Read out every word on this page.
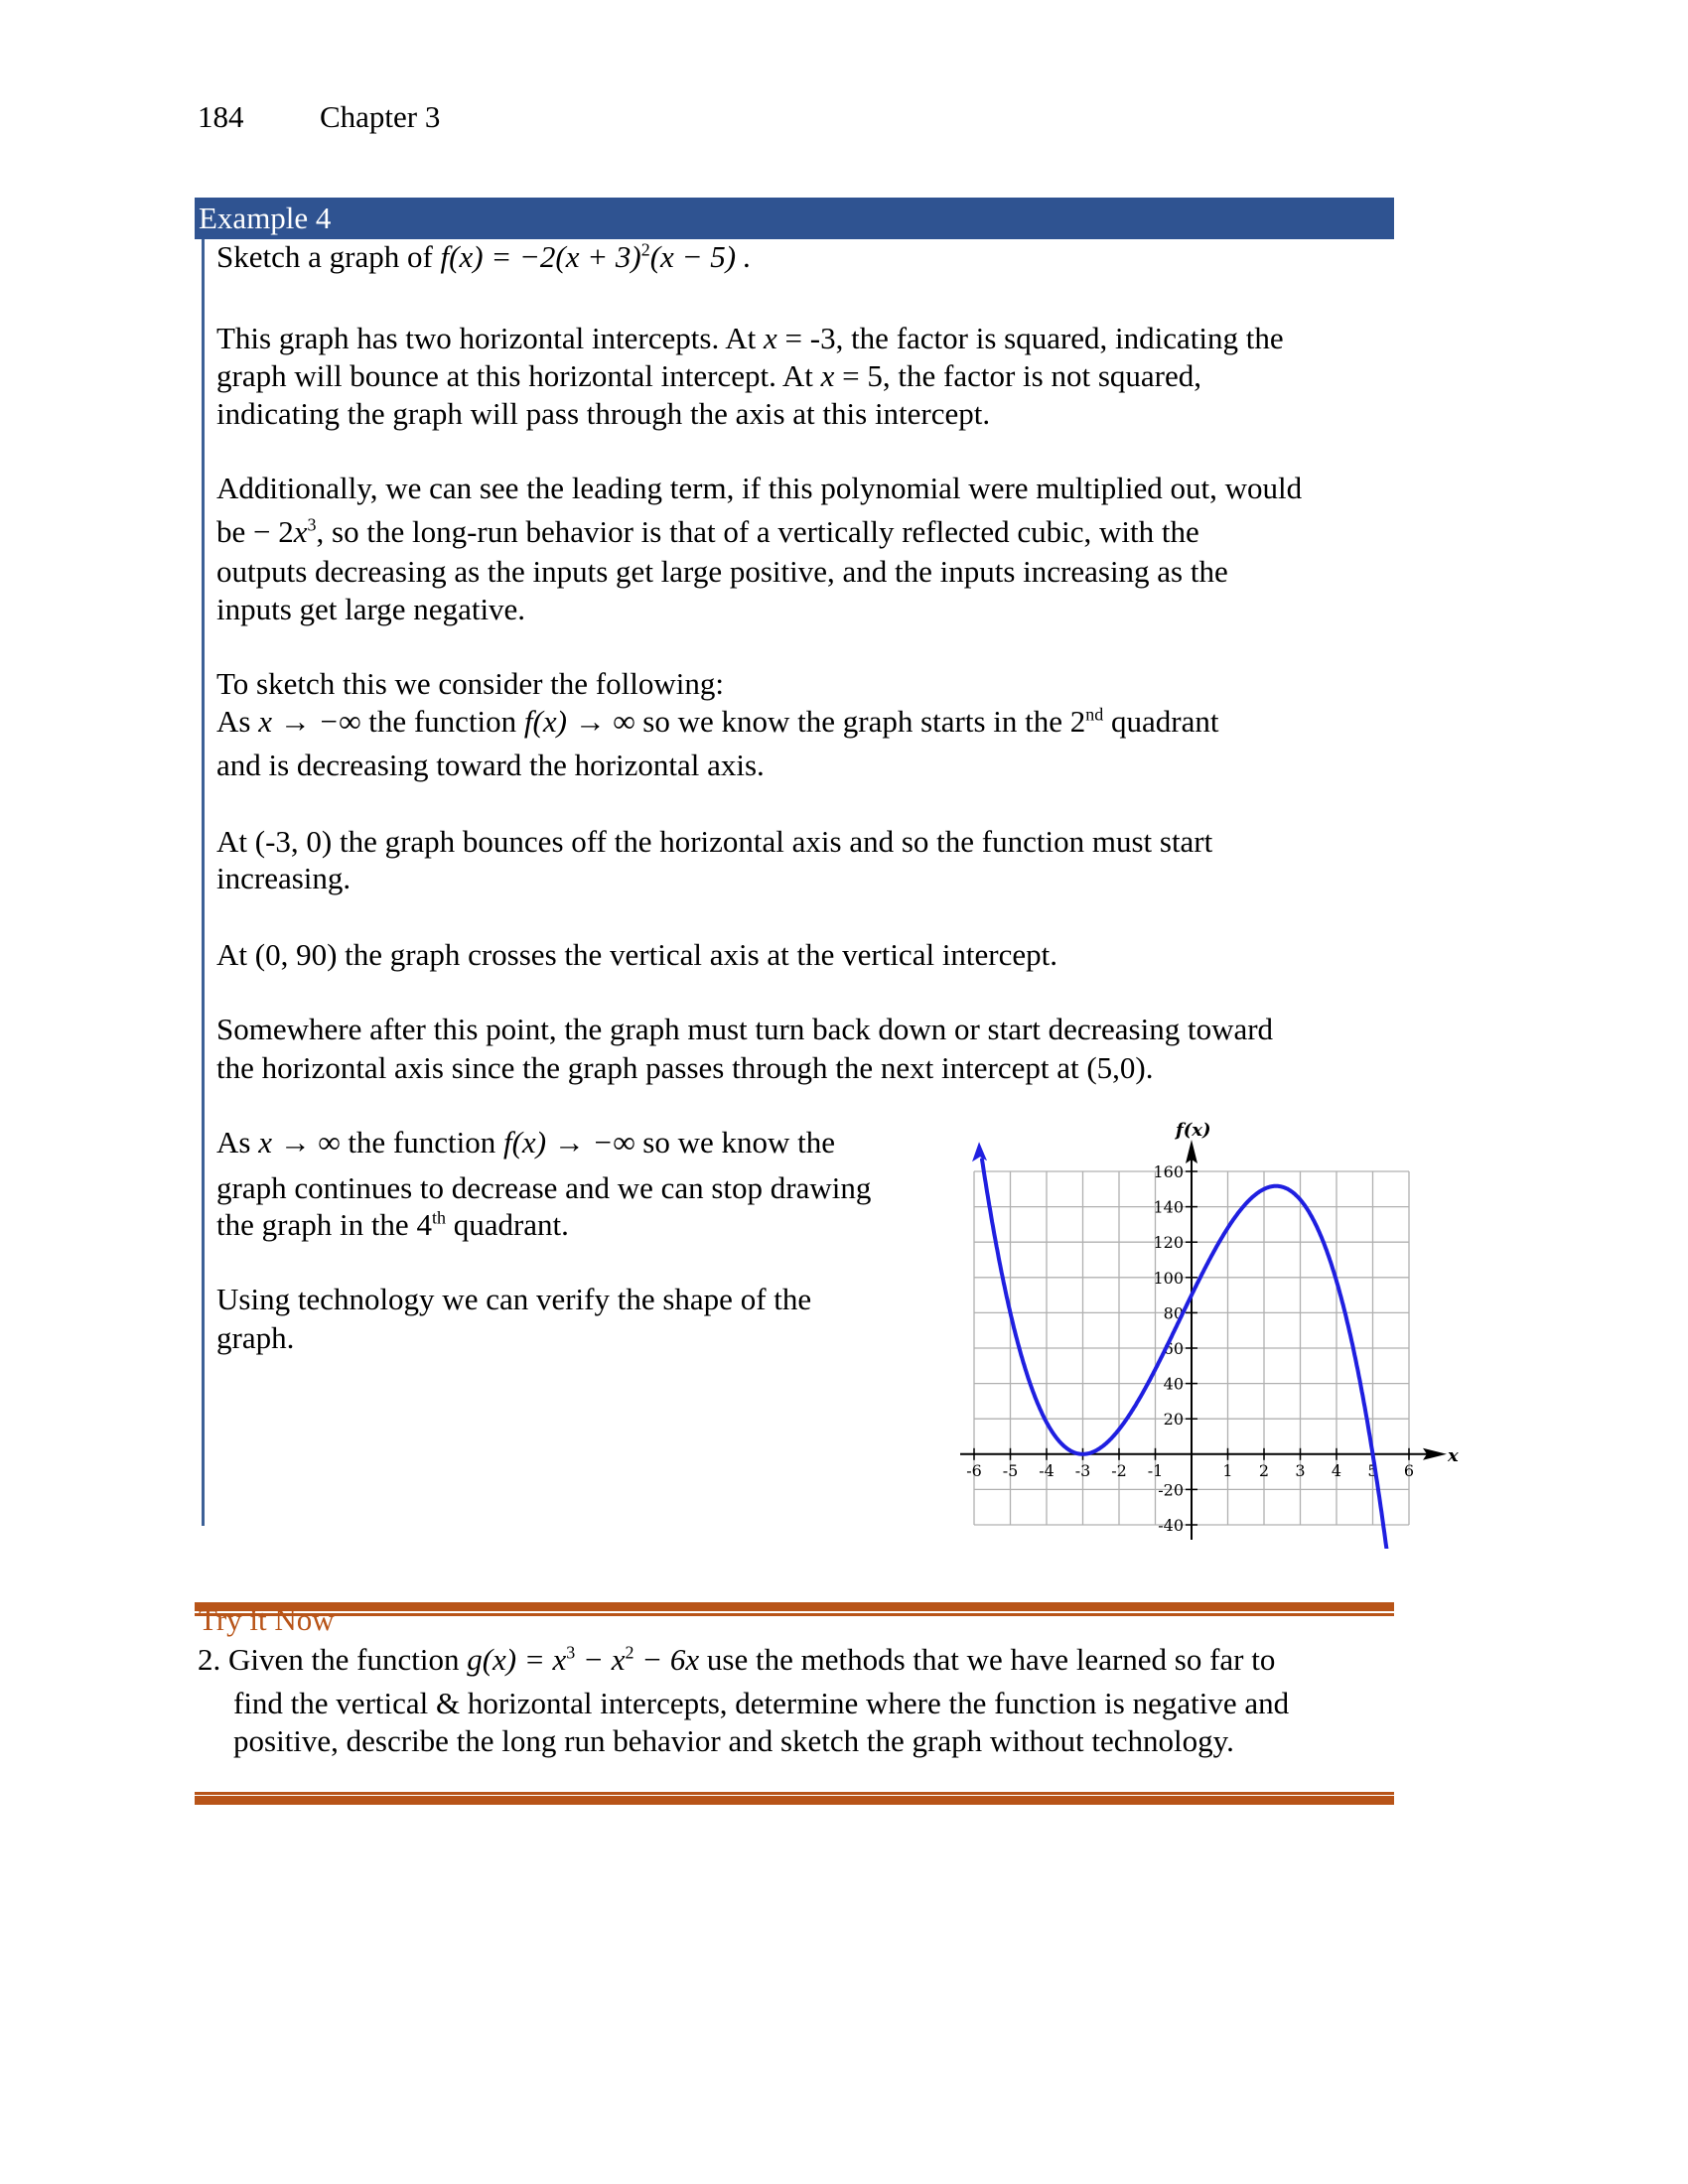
184 Chapter 3
Example 4
Sketch a graph of $f(x) = -2(x + 3)^2(x - 5)$ .
This graph has two horizontal intercepts. At x = -3, the factor is squared, indicating the
graph will bounce at this horizontal intercept. At x = 5, the factor is not squared,
indicating the graph will pass through the axis at this intercept.
Additionally, we can see the leading term, if this polynomial were multiplied out, would
be − $2x^3$, so the long-run behavior is that of a vertically reflected cubic, with the
outputs decreasing as the inputs get large positive, and the inputs increasing as the
inputs get large negative.
To sketch this we consider the following:
As x → −∞ the function f(x) → ∞ so we know the graph starts in the 2nd quadrant
and is decreasing toward the horizontal axis.
At (-3, 0) the graph bounces off the horizontal axis and so the function must start
increasing.
At (0, 90) the graph crosses the vertical axis at the vertical intercept.
Somewhere after this point, the graph must turn back down or start decreasing toward
the horizontal axis since the graph passes through the next intercept at (5,0).
As x → ∞ the function f(x) → −∞ so we know the
graph continues to decrease and we can stop drawing
the graph in the 4th quadrant.
Using technology we can verify the shape of the
graph.
-6 -5 -4 -3 -2 -1	1 2 3 4 5 6
160
140
120
100
80
60
40
20
-20
-40
f(x)
x
Try it Now
2. Given the function $g(x) = x^3 - x^2 - 6x$ use the methods that we have learned so far to
find the vertical & horizontal intercepts, determine where the function is negative and
positive, describe the long run behavior and sketch the graph without technology.
